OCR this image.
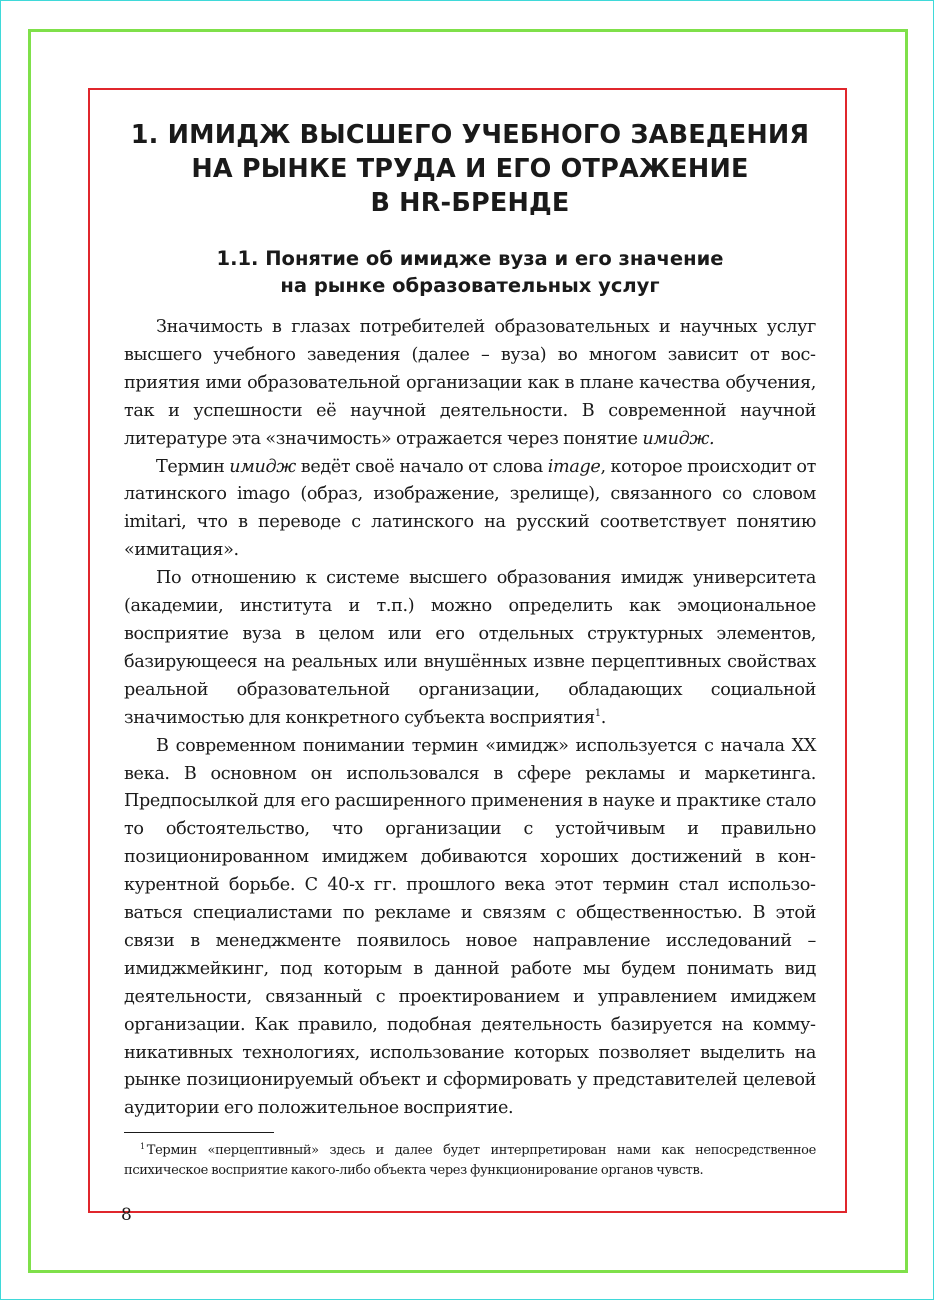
1. ИМИДЖ ВЫСШЕГО УЧЕБНОГО ЗАВЕДЕНИЯ
НА РЫНКЕ ТРУДА И ЕГО ОТРАЖЕНИЕ
В HR-БРЕНДЕ
1.1. Понятие об имидже вуза и его значение
на рынке образовательных услуг

Значимость в глазах потребителей образовательных и научных услуг высшего учебного заведения (далее – вуза) во многом зависит от восприятия ими образовательной организации как в плане качества обучения, так и успешности её научной деятельности. В современной научной литературе эта «значимость» отражается через понятие имидж.

Термин имидж ведёт своё начало от слова image, которое происходит от латинского imago (образ, изображение, зрелище), связанного со словом imitari, что в переводе с латинского на русский соответствует понятию «имитация».

По отношению к системе высшего образования имидж университета (академии, института и т.п.) можно определить как эмоциональное восприятие вуза в целом или его отдельных структурных элементов, базирующееся на реальных или внушённых извне перцептивных свойствах реальной образовательной организации, обладающих социальной значимостью для конкретного субъекта восприятия$^1$.

В современном понимании термин «имидж» используется с начала XX века. В основном он использовался в сфере рекламы и маркетинга. Предпосылкой для его расширенного применения в науке и практике стало то обстоятельство, что организации с устойчивым и правильно позиционированном имиджем добиваются хороших достижений в конкурентной борьбе. С 40-х гг. прошлого века этот термин стал использоваться специалистами по рекламе и связям с общественностью. В этой связи в менеджменте появилось новое направление исследований – имиджмейкинг, под которым в данной работе мы будем понимать вид деятельности, связанный с проектированием и управлением имиджем организации. Как правило, подобная деятельность базируется на коммуникативных технологиях, использование которых позволяет выделить на рынке позиционируемый объект и сформировать у представителей целевой аудитории его положительное восприятие.

$^1$ Термин «перцептивный» здесь и далее будет интерпретирован нами как непосредственное психическое восприятие какого-либо объекта через функционирование органов чувств.

8
